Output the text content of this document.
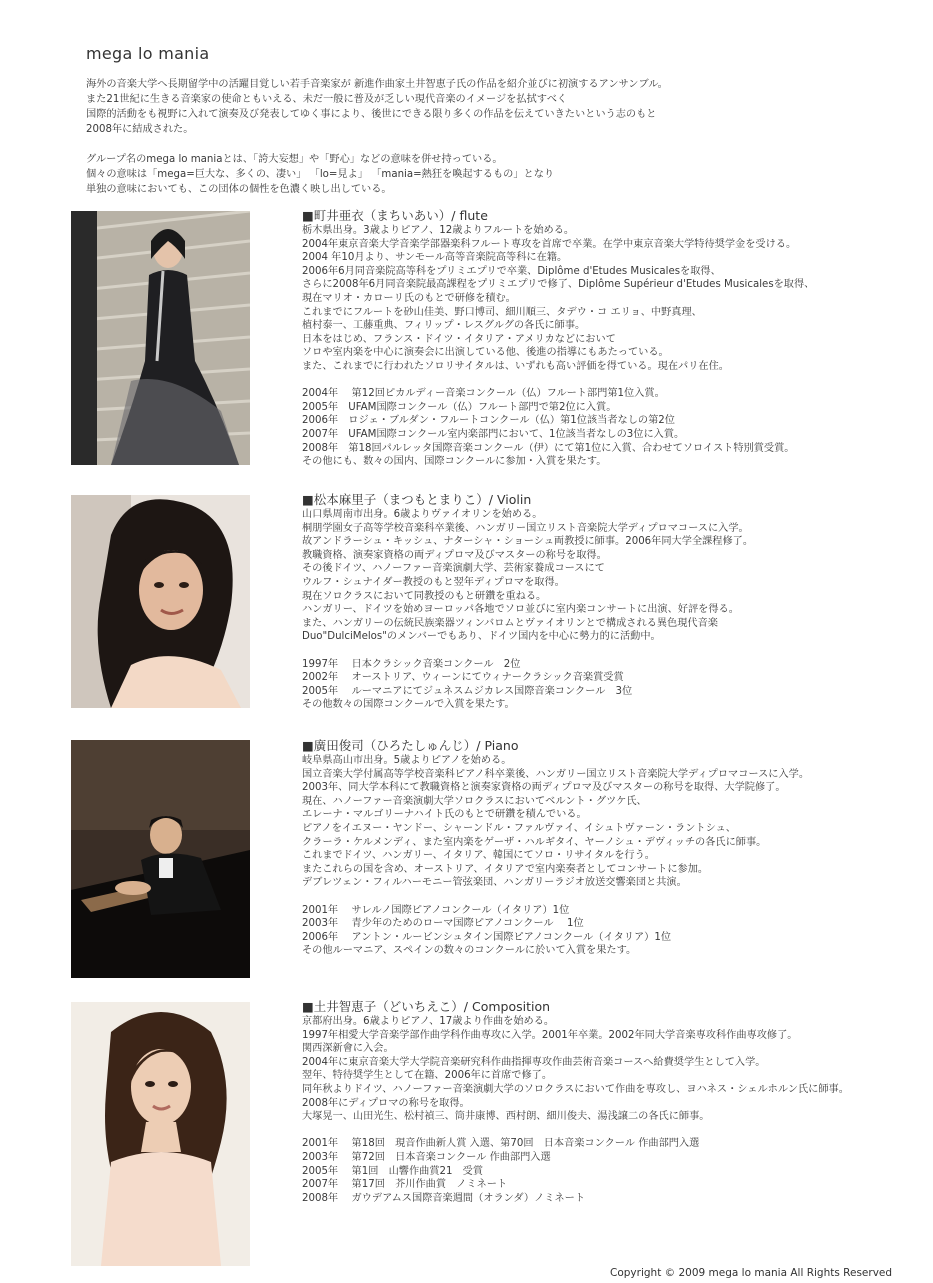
mega lo mania

海外の音楽大学へ長期留学中の活躍目覚しい若手音楽家が 新進作曲家土井智恵子氏の作品を紹介並びに初演するアンサンブル。

また21世紀に生きる音楽家の使命ともいえる、未だ一般に普及が乏しい現代音楽のイメージを払拭すべく

国際的活動をも視野に入れて演奏及び発表してゆく事により、後世にできる限り多くの作品を伝えていきたいという志のもと

2008年に結成された。

グループ名のmega lo maniaとは、「誇大妄想」や「野心」などの意味を併せ持っている。

個々の意味は「mega=巨大な、多くの、凄い」 「lo=見よ」 「mania=熱狂を喚起するもの」となり

単独の意味においても、この団体の個性を色濃く映し出している。

■町井亜衣（まちいあい）/ flute

栃木県出身。3歳よりピアノ、12歳よりフルートを始める。

2004年東京音楽大学音楽学部器楽科フルート専攻を首席で卒業。在学中東京音楽大学特待奨学金を受ける。

2004 年10月より、サンモール高等音楽院高等科に在籍。

2006年6月同音楽院高等科をプリミエプリで卒業、Diplôme d'Etudes Musicalesを取得、

さらに2008年6月同音楽院最高課程をプリミエプリで修了、Diplôme Supérieur d'Etudes Musicalesを取得、

現在マリオ・カローリ氏のもとで研修を積む。

これまでにフルートを砂山佳美、野口博司、細川順三、タデウ・コ エリョ、中野真理、

植村泰一、工藤重典、フィリップ・レスグルグの各氏に師事。

日本をはじめ、フランス・ドイツ・イタリア・アメリカなどにおいて

ソロや室内楽を中心に演奏会に出演している他、後進の指導にもあたっている。

また、これまでに行われたソロリサイタルは、いずれも高い評価を得ている。現在パリ在住。

2004年　 第12回ピカルディー音楽コンクール（仏）フルート部門第1位入賞。

2005年　UFAM国際コンクール（仏）フルート部門で第2位に入賞。

2006年　ロジェ・ブルダン・フルートコンクール（仏）第1位該当者なしの第2位

2007年　UFAM国際コンクール室内楽部門において、1位該当者なしの3位に入賞。

2008年　第18回パルレッタ国際音楽コンクール（伊）にて第1位に入賞、合わせてソロイスト特別賞受賞。

その他にも、数々の国内、国際コンクールに参加・入賞を果たす。

■松本麻里子（まつもとまりこ）/ Violin

山口県周南市出身。6歳よりヴァイオリンを始める。

桐朋学園女子高等学校音楽科卒業後、ハンガリー国立リスト音楽院大学ディプロマコースに入学。

故アンドラーシュ・キッシュ、ナターシャ・ショーシュ両教授に師事。2006年同大学全課程修了。

教職資格、演奏家資格の両ディプロマ及びマスターの称号を取得。

その後ドイツ、ハノーファー音楽演劇大学、芸術家養成コースにて

ウルフ・シュナイダー教授のもと翌年ディプロマを取得。

現在ソロクラスにおいて同教授のもと研鑽を重ねる。

ハンガリー、ドイツを始めヨーロッパ各地でソロ並びに室内楽コンサートに出演、好評を得る。

また、ハンガリーの伝統民族楽器ツィンバロムとヴァイオリンとで構成される異色現代音楽

Duo"DulciMelos"のメンバーでもあり、ドイツ国内を中心に勢力的に活動中。

1997年　 日本クラシック音楽コンクール　2位

2002年　 オーストリア、ウィーンにてウィナークラシック音楽賞受賞

2005年　 ルーマニアにてジュネスムジカレス国際音楽コンクール　3位

その他数々の国際コンクールで入賞を果たす。

■廣田俊司（ひろたしゅんじ）/ Piano

岐阜県高山市出身。5歳よりピアノを始める。

国立音楽大学付属高等学校音楽科ピアノ科卒業後、ハンガリー国立リスト音楽院大学ディプロマコースに入学。

2003年、同大学本科にて教職資格と演奏家資格の両ディプロマ及びマスターの称号を取得、大学院修了。

現在、ハノーファー音楽演劇大学ソロクラスにおいてベルント・グツケ氏、

エレーナ・マルゴリーナハイト氏のもとで研鑽を積んでいる。

ピアノをイエヌー・ヤンドー、シャーンドル・ファルヴァイ、イシュトヴァーン・ラントシュ、

クラーラ・ケルメンディ、また室内楽をゲーザ・ハルギタイ、ヤーノシュ・デヴィッチの各氏に師事。

これまでドイツ、ハンガリー、イタリア、韓国にてソロ・リサイタルを行う。

またこれらの国を含め、オーストリア、イタリアで室内楽奏者としてコンサートに参加。

デブレツェン・フィルハーモニー管弦楽団、ハンガリーラジオ放送交響楽団と共演。

2001年　 サレルノ国際ピアノコンクール（イタリア）1位

2003年　 青少年のためのローマ国際ピアノコンクール　 1位

2006年　 アントン・ルービンシュタイン国際ピアノコンクール（イタリア）1位

その他ルーマニア、スペインの数々のコンクールに於いて入賞を果たす。

■土井智恵子（どいちえこ）/ Composition

京都府出身。6歳よりピアノ、17歳より作曲を始める。

1997年相愛大学音楽学部作曲学科作曲専攻に入学。2001年卒業。2002年同大学音楽専攻科作曲専攻修了。

関西深新會に入会。

2004年に東京音楽大学大学院音楽研究科作曲指揮専攻作曲芸術音楽コースへ給費奨学生として入学。

翌年、特待奨学生として在籍、2006年に首席で修了。

同年秋よりドイツ、ハノーファー音楽演劇大学のソロクラスにおいて作曲を専攻し、ヨハネス・シェルホルン氏に師事。

2008年にディプロマの称号を取得。

大塚晃一、山田光生、松村禎三、筒井康博、西村朗、細川俊夫、湯浅譲二の各氏に師事。

2001年　 第18回　現音作曲新人賞 入選、第70回　日本音楽コンクール 作曲部門入選

2003年　 第72回　日本音楽コンクール 作曲部門入選

2005年　 第1回　山響作曲賞21　受賞

2007年　 第17回　芥川作曲賞　ノミネート

2008年　 ガウデアムス国際音楽週間（オランダ）ノミネート

Copyright © 2009 mega lo mania All Rights Reserved
